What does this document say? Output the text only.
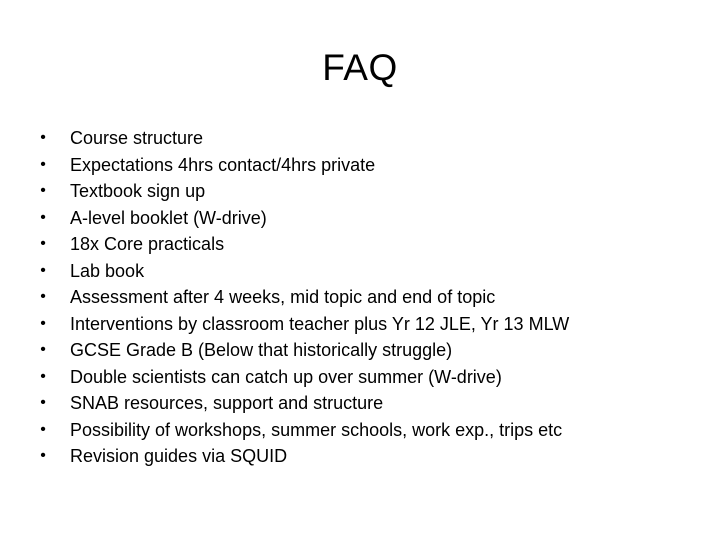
FAQ
• Course structure
• Expectations 4hrs contact/4hrs private
• Textbook sign up
• A-level booklet (W-drive)
• 18x Core practicals
• Lab book
• Assessment after 4 weeks, mid topic and end of topic
• Interventions by classroom teacher plus Yr 12 JLE, Yr 13 MLW
• GCSE Grade B (Below that historically struggle)
• Double scientists can catch up over summer (W-drive)
• SNAB resources, support and structure
• Possibility of workshops, summer schools, work exp., trips etc
• Revision guides via SQUID
